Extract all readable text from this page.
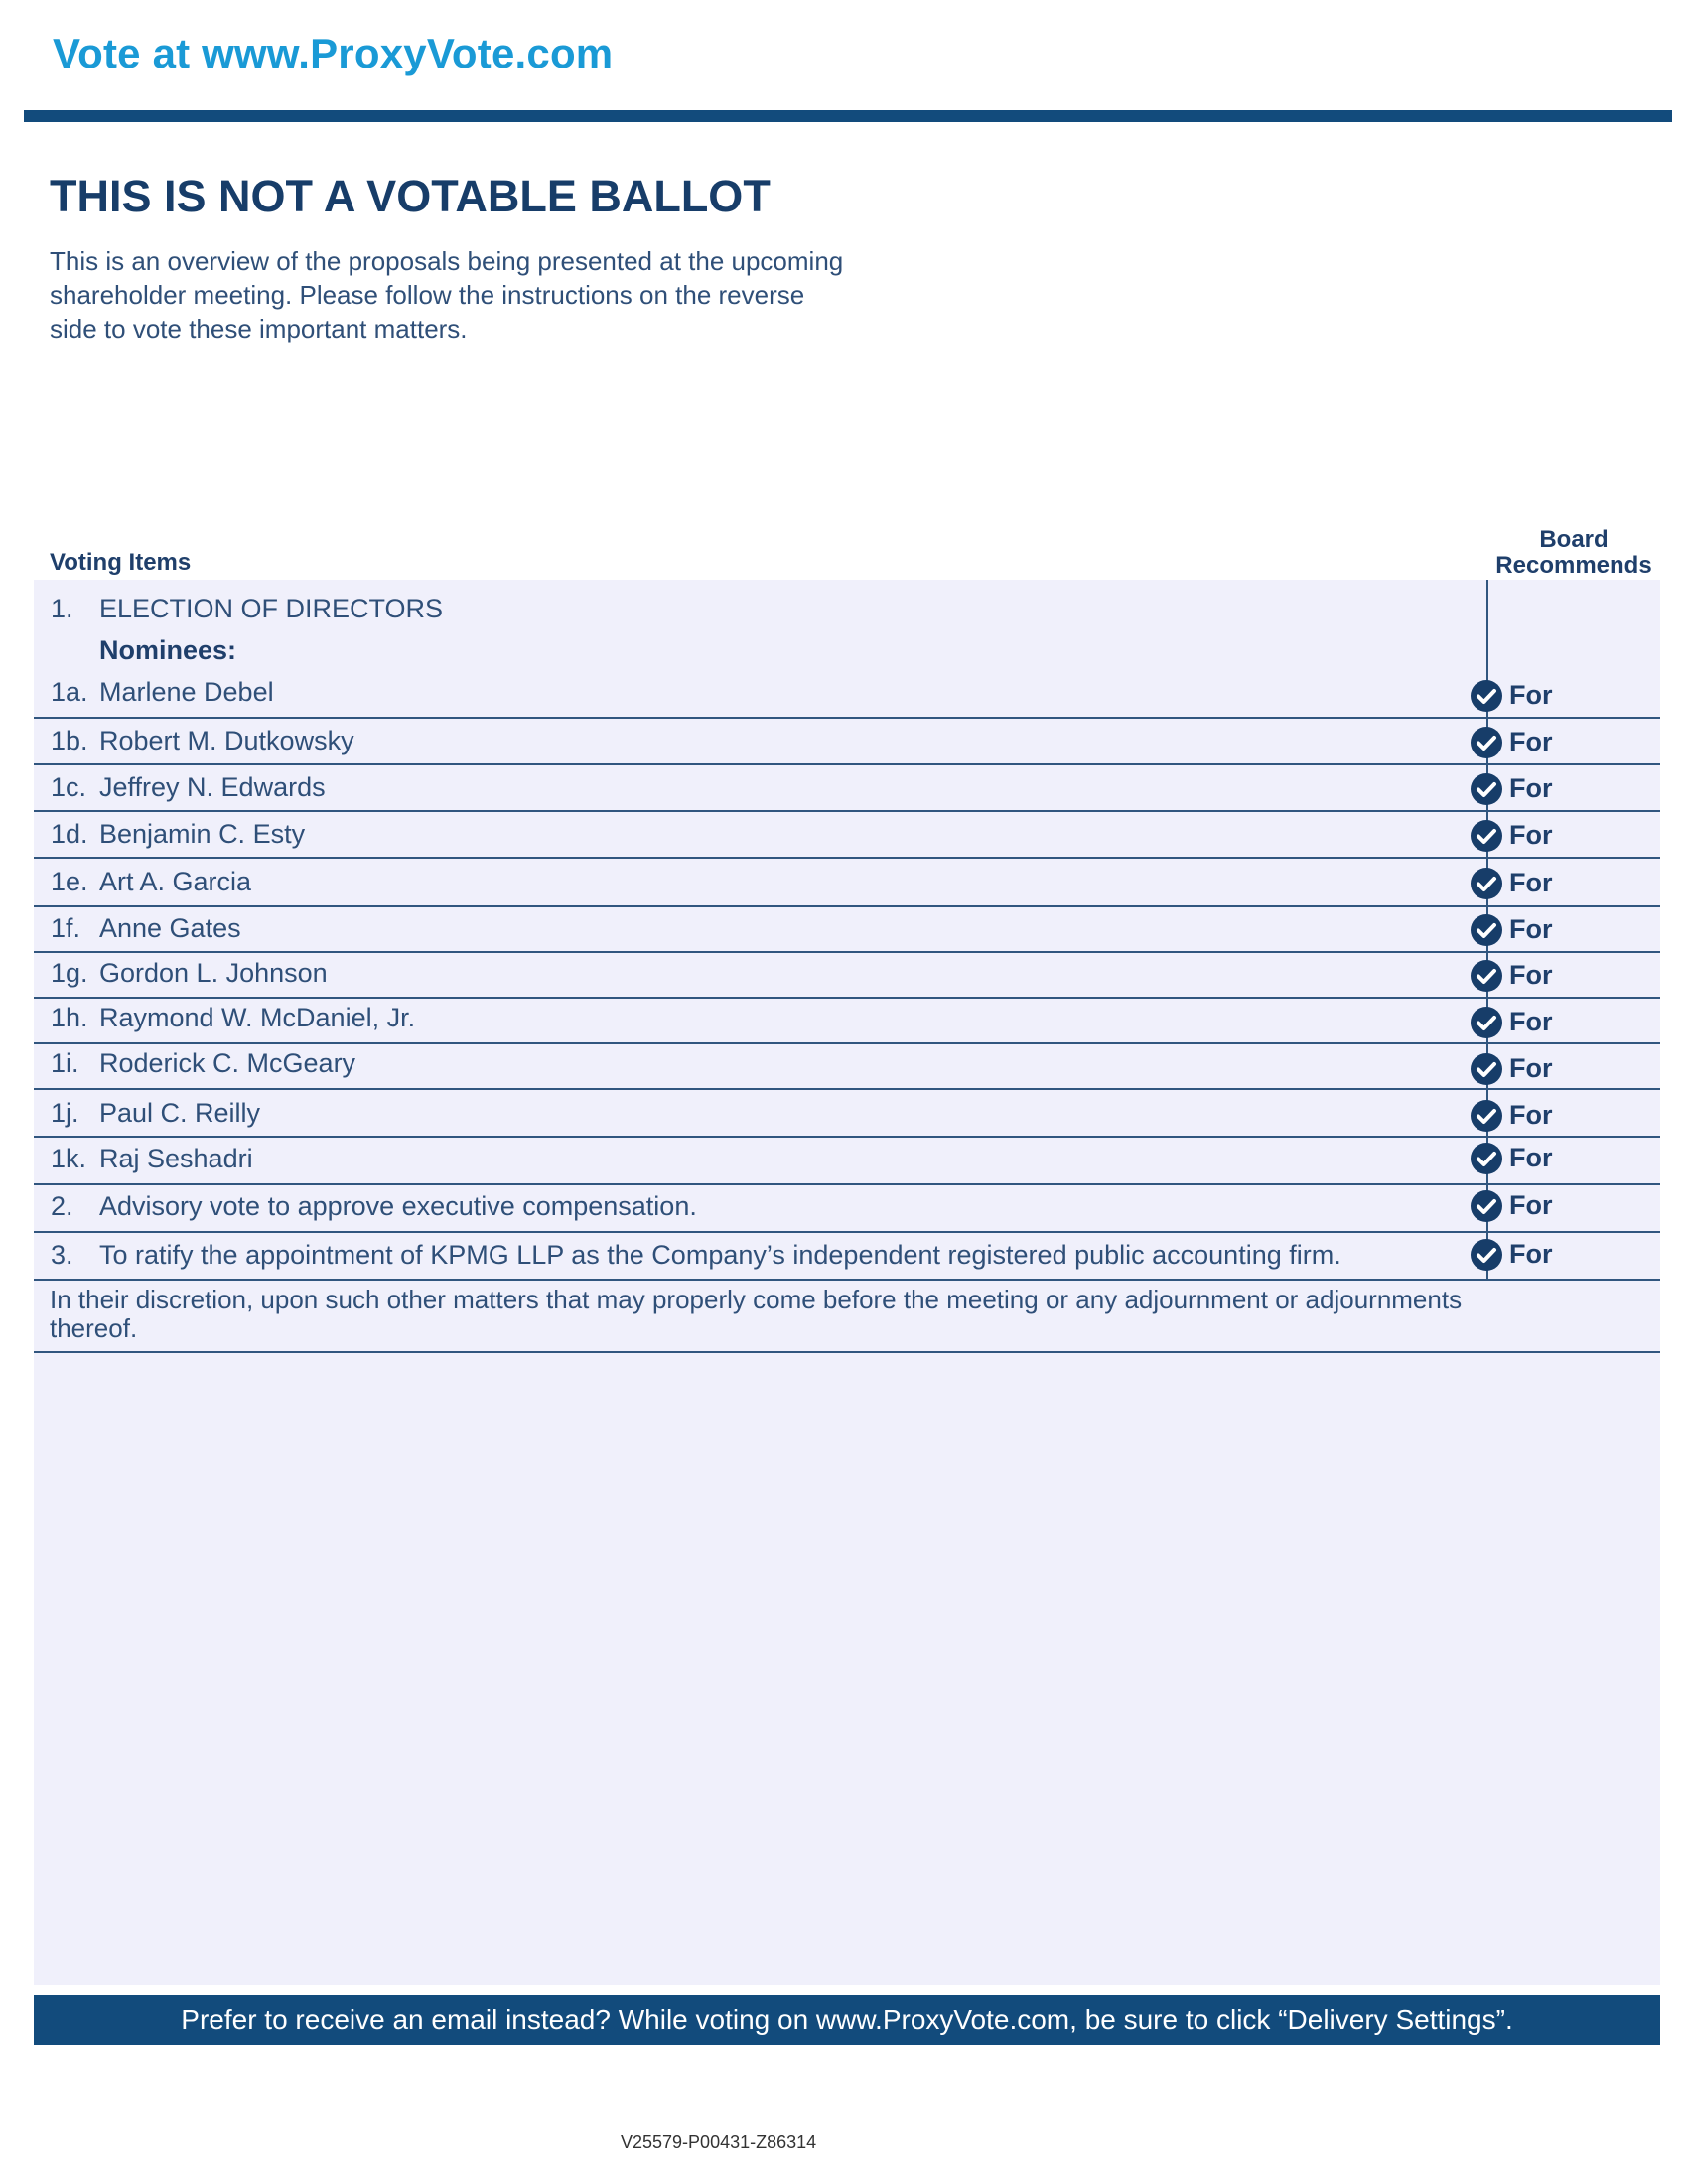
Vote at www.ProxyVote.com
THIS IS NOT A VOTABLE BALLOT
This is an overview of the proposals being presented at the upcoming shareholder meeting. Please follow the instructions on the reverse side to vote these important matters.
Voting Items
Board Recommends
1. ELECTION OF DIRECTORS
Nominees:
1a. Marlene Debel	For
1b. Robert M. Dutkowsky	For
1c. Jeffrey N. Edwards	For
1d. Benjamin C. Esty	For
1e. Art A. Garcia	For
1f. Anne Gates	For
1g. Gordon L. Johnson	For
1h. Raymond W. McDaniel, Jr.	For
1i. Roderick C. McGeary	For
1j. Paul C. Reilly	For
1k. Raj Seshadri	For
2. Advisory vote to approve executive compensation.	For
3. To ratify the appointment of KPMG LLP as the Company’s independent registered public accounting firm.	For
In their discretion, upon such other matters that may properly come before the meeting or any adjournment or adjournments thereof.
Prefer to receive an email instead? While voting on www.ProxyVote.com, be sure to click “Delivery Settings”.
V25579-P00431-Z86314
